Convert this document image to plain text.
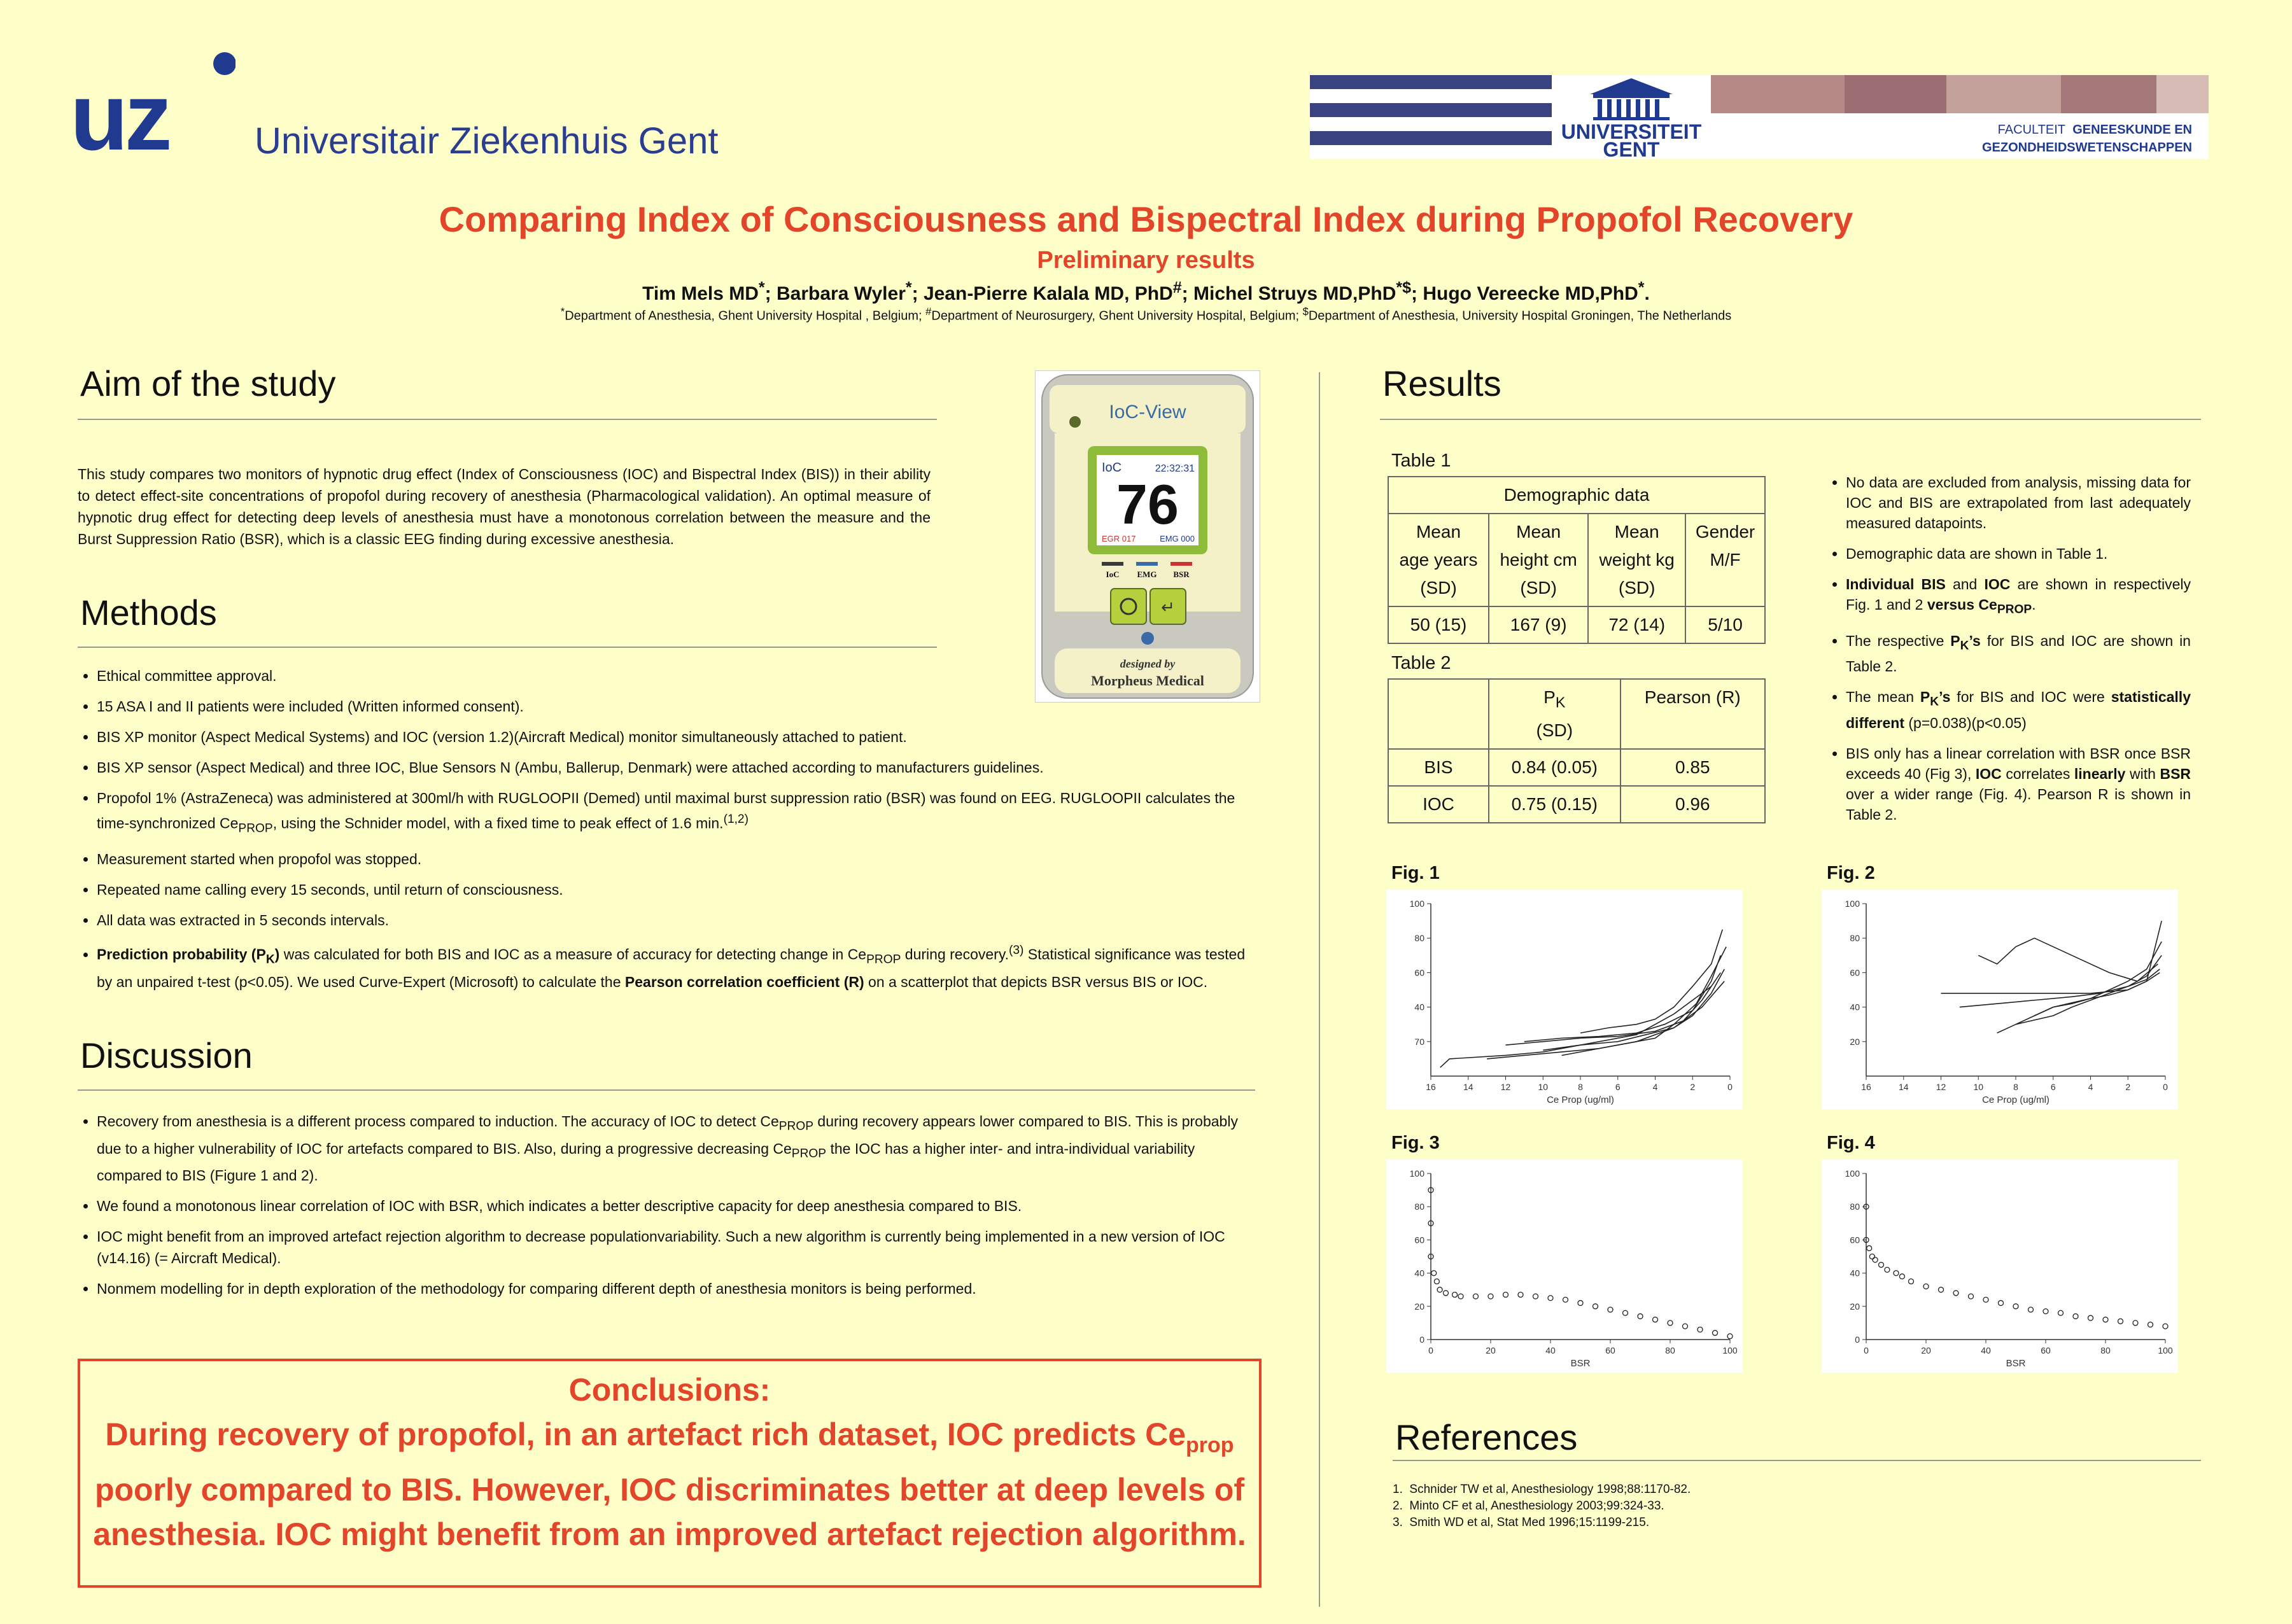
uz Universitair Ziekenhuis Gent	UNIVERSITEIT
GENT
FACULTEIT GENEESKUNDE EN
GEZONDHEIDSWETENSCHAPPEN
Comparing Index of Consciousness and Bispectral Index during Propofol Recovery
Preliminary results
Tim Mels MD*; Barbara Wyler*; Jean-Pierre Kalala MD, PhD#; Michel Struys MD,PhD*$; Hugo Vereecke MD,PhD*.
*Department of Anesthesia, Ghent University Hospital , Belgium; #Department of Neurosurgery, Ghent University Hospital, Belgium; $Department of Anesthesia, University Hospital Groningen, The Netherlands
Aim of the study
This study compares two monitors of hypnotic drug effect (Index of Consciousness (IOC) and Bispectral Index (BIS)) in their ability to detect effect-site concentrations of propofol during recovery of anesthesia (Pharmacological validation). An optimal measure of hypnotic drug effect for detecting deep levels of anesthesia must have a monotonous correlation between the measure and the Burst Suppression Ratio (BSR), which is a classic EEG finding during excessive anesthesia.
IoC-View
IoC	22:32:31
76
EGR 017	EMG 000
IoC EMG BSR
↵
designed by
Morpheus Medical
Methods
• Ethical committee approval.
• 15 ASA I and II patients were included (Written informed consent).
• BIS XP monitor (Aspect Medical Systems) and IOC (version 1.2)(Aircraft Medical) monitor simultaneously attached to patient.
• BIS XP sensor (Aspect Medical) and three IOC, Blue Sensors N (Ambu, Ballerup, Denmark) were attached according to manufacturers guidelines.
• Propofol 1% (AstraZeneca) was administered at 300ml/h with RUGLOOPII (Demed) until maximal burst suppression ratio (BSR) was found on EEG. RUGLOOPII calculates the time-synchronized $Ce_{PROP}$, using the Schnider model, with a fixed time to peak effect of 1.6 min.$^{(1,2)}$
• Measurement started when propofol was stopped.
• Repeated name calling every 15 seconds, until return of consciousness.
• All data was extracted in 5 seconds intervals.
• Prediction probability $(P_K)$ was calculated for both BIS and IOC as a measure of accuracy for detecting change in $Ce_{PROP}$ during recovery.$^{(3)}$ Statistical significance was tested by an unpaired t-test (p<0.05). We used Curve-Expert (Microsoft) to calculate the Pearson correlation coefficient (R) on a scatterplot that depicts BSR versus BIS or IOC.
Discussion
• Recovery from anesthesia is a different process compared to induction. The accuracy of IOC to detect $Ce_{PROP}$ during recovery appears lower compared to BIS. This is probably due to a higher vulnerability of IOC for artefacts compared to BIS. Also, during a progressive decreasing $Ce_{PROP}$ the IOC has a higher inter- and intra-individual variability compared to BIS (Figure 1 and 2).
• We found a monotonous linear correlation of IOC with BSR, which indicates a better descriptive capacity for deep anesthesia compared to BIS.
• IOC might benefit from an improved artefact rejection algorithm to decrease populationvariability. Such a new algorithm is currently being implemented in a new version of IOC (v14.16) (= Aircraft Medical).
• Nonmem modelling for in depth exploration of the methodology for comparing different depth of anesthesia monitors is being performed.
Conclusions:
During recovery of propofol, in an artefact rich dataset, IOC predicts $Ce_{prop}$ poorly compared to BIS. However, IOC discriminates better at deep levels of anesthesia. IOC might benefit from an improved artefact rejection algorithm.
Results
Table 1
Demographic data			
Mean
age years
(SD)	Mean
height cm
(SD)	Mean
weight kg
(SD)	Gender
M/F
50 (15)	167 (9)	72 (14)	5/10
Table 2
	$P_K$
(SD)	Pearson (R)
BIS	0.84 (0.05)	0.85
IOC	0.75 (0.15)	0.96
• No data are excluded from analysis, missing data for IOC and BIS are extrapolated from last adequately measured datapoints.
• Demographic data are shown in Table 1.
• Individual BIS and IOC are shown in respectively Fig. 1 and 2 versus $Ce_{PROP}$.
• The respective $P_K’s$ for BIS and IOC are shown in Table 2.
• The mean $P_K’s$ for BIS and IOC were statistically different (p=0.038)(p<0.05)
• BIS only has a linear correlation with BSR once BSR exceeds 40 (Fig 3), IOC correlates linearly with BSR over a wider range (Fig. 4). Pearson R is shown in Table 2.
Fig. 1	Fig. 2
Fig. 3	Fig. 4
16	14	12	10	8	6	4	2	0
100
80
60
40
70
Ce Prop (ug/ml)
16	14	12	10	8	6	4	2	0
100
80
60
40
20
Ce Prop (ug/ml)
0	20	40	60	80	100
100
80
60
40
20
0
BSR
0	20	40	60	80	100
100
80
60
40
20
0
BSR
References
1.  Schnider TW et al, Anesthesiology 1998;88:1170-82.
2.  Minto CF et al, Anesthesiology 2003;99:324-33.
3.  Smith WD et al, Stat Med 1996;15:1199-215.
